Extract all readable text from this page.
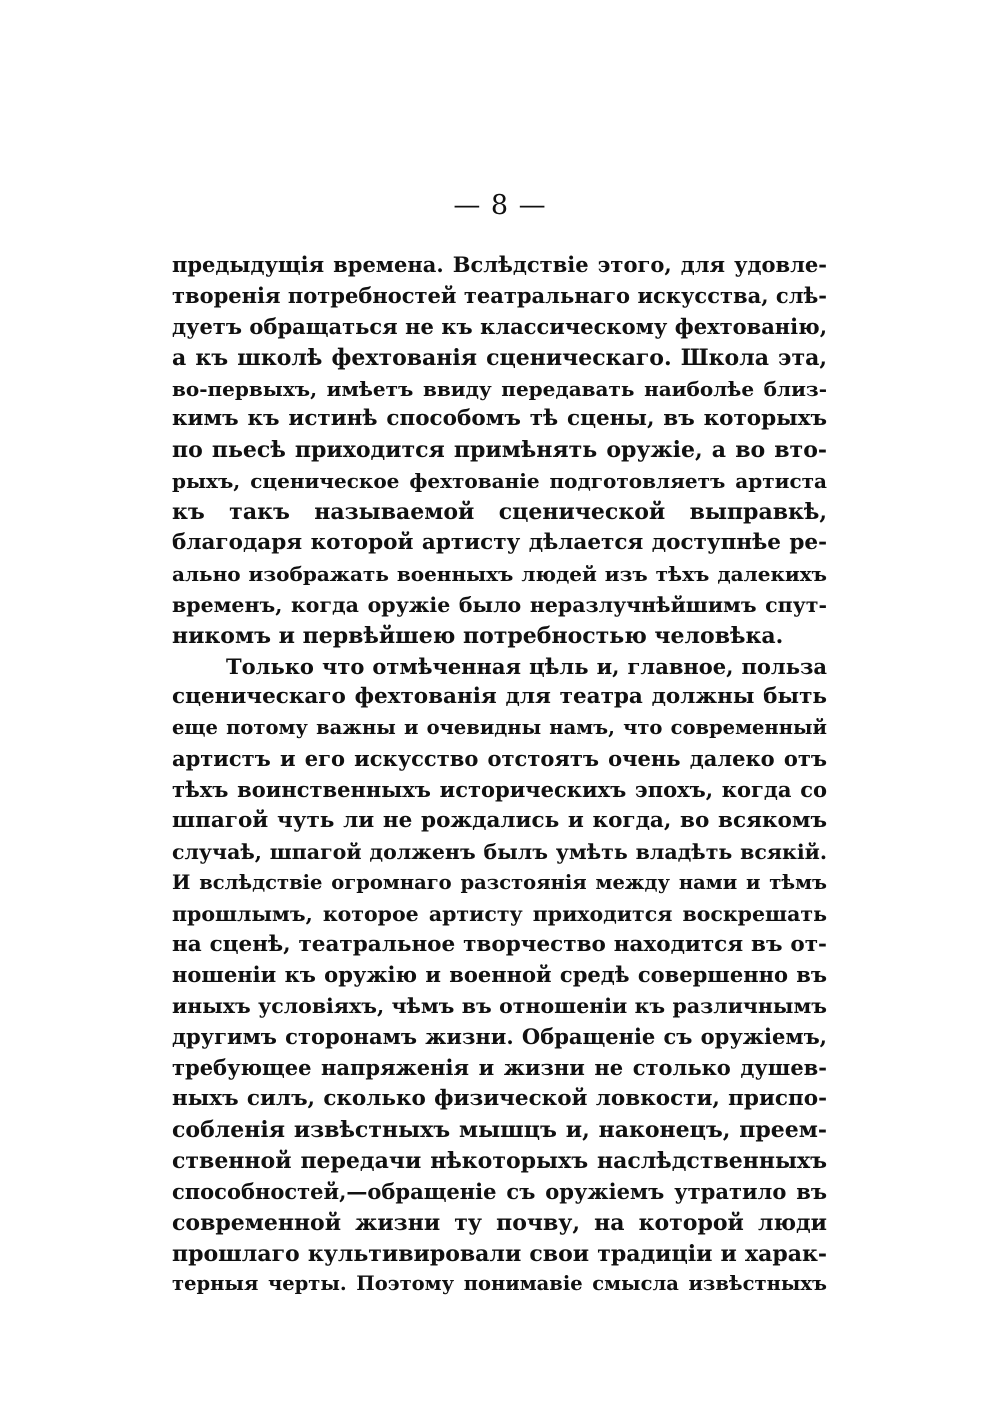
— 8 —
предыдущія времена. Вслѣдствіе этого, для удовле-
творенія потребностей театральнаго искусства, слѣ-
дуетъ обращаться не къ классическому фехтованію,
а къ школѣ фехтованія сценическаго. Школа эта,
во-первыхъ, имѣетъ ввиду передавать наиболѣе близ-
кимъ къ истинѣ способомъ тѣ сцены, въ которыхъ
по пьесѣ приходится примѣнять оружіе, а во вто-
рыхъ, сценическое фехтованіе подготовляетъ артиста
къ такъ называемой сценической выправкѣ,
благодаря которой артисту дѣлается доступнѣе ре-
ально изображать военныхъ людей изъ тѣхъ далекихъ
временъ, когда оружіе было неразлучнѣйшимъ спут-
никомъ и первѣйшею потребностью человѣка.
Только что отмѣченная цѣль и, главное, польза
сценическаго фехтованія для театра должны быть
еще потому важны и очевидны намъ, что современный
артистъ и его искусство отстоятъ очень далеко отъ
тѣхъ воинственныхъ историческихъ эпохъ, когда со
шпагой чуть ли не рождались и когда, во всякомъ
случаѣ, шпагой долженъ былъ умѣть владѣть всякій.
И вслѣдствіе огромнаго разстоянія между нами и тѣмъ
прошлымъ, которое артисту приходится воскрешать
на сценѣ, театральное творчество находится въ от-
ношеніи къ оружію и военной средѣ совершенно въ
иныхъ условіяхъ, чѣмъ въ отношеніи къ различнымъ
другимъ сторонамъ жизни. Обращеніе съ оружіемъ,
требующее напряженія и жизни не столько душев-
ныхъ силъ, сколько физической ловкости, приспо-
собленія извѣстныхъ мышцъ и, наконецъ, преем-
ственной передачи нѣкоторыхъ наслѣдственныхъ
способностей,—обращеніе съ оружіемъ утратило въ
современной жизни ту почву, на которой люди
прошлаго культивировали свои традиціи и харак-
терныя черты. Поэтому понимавіе смысла извѣстныхъ
